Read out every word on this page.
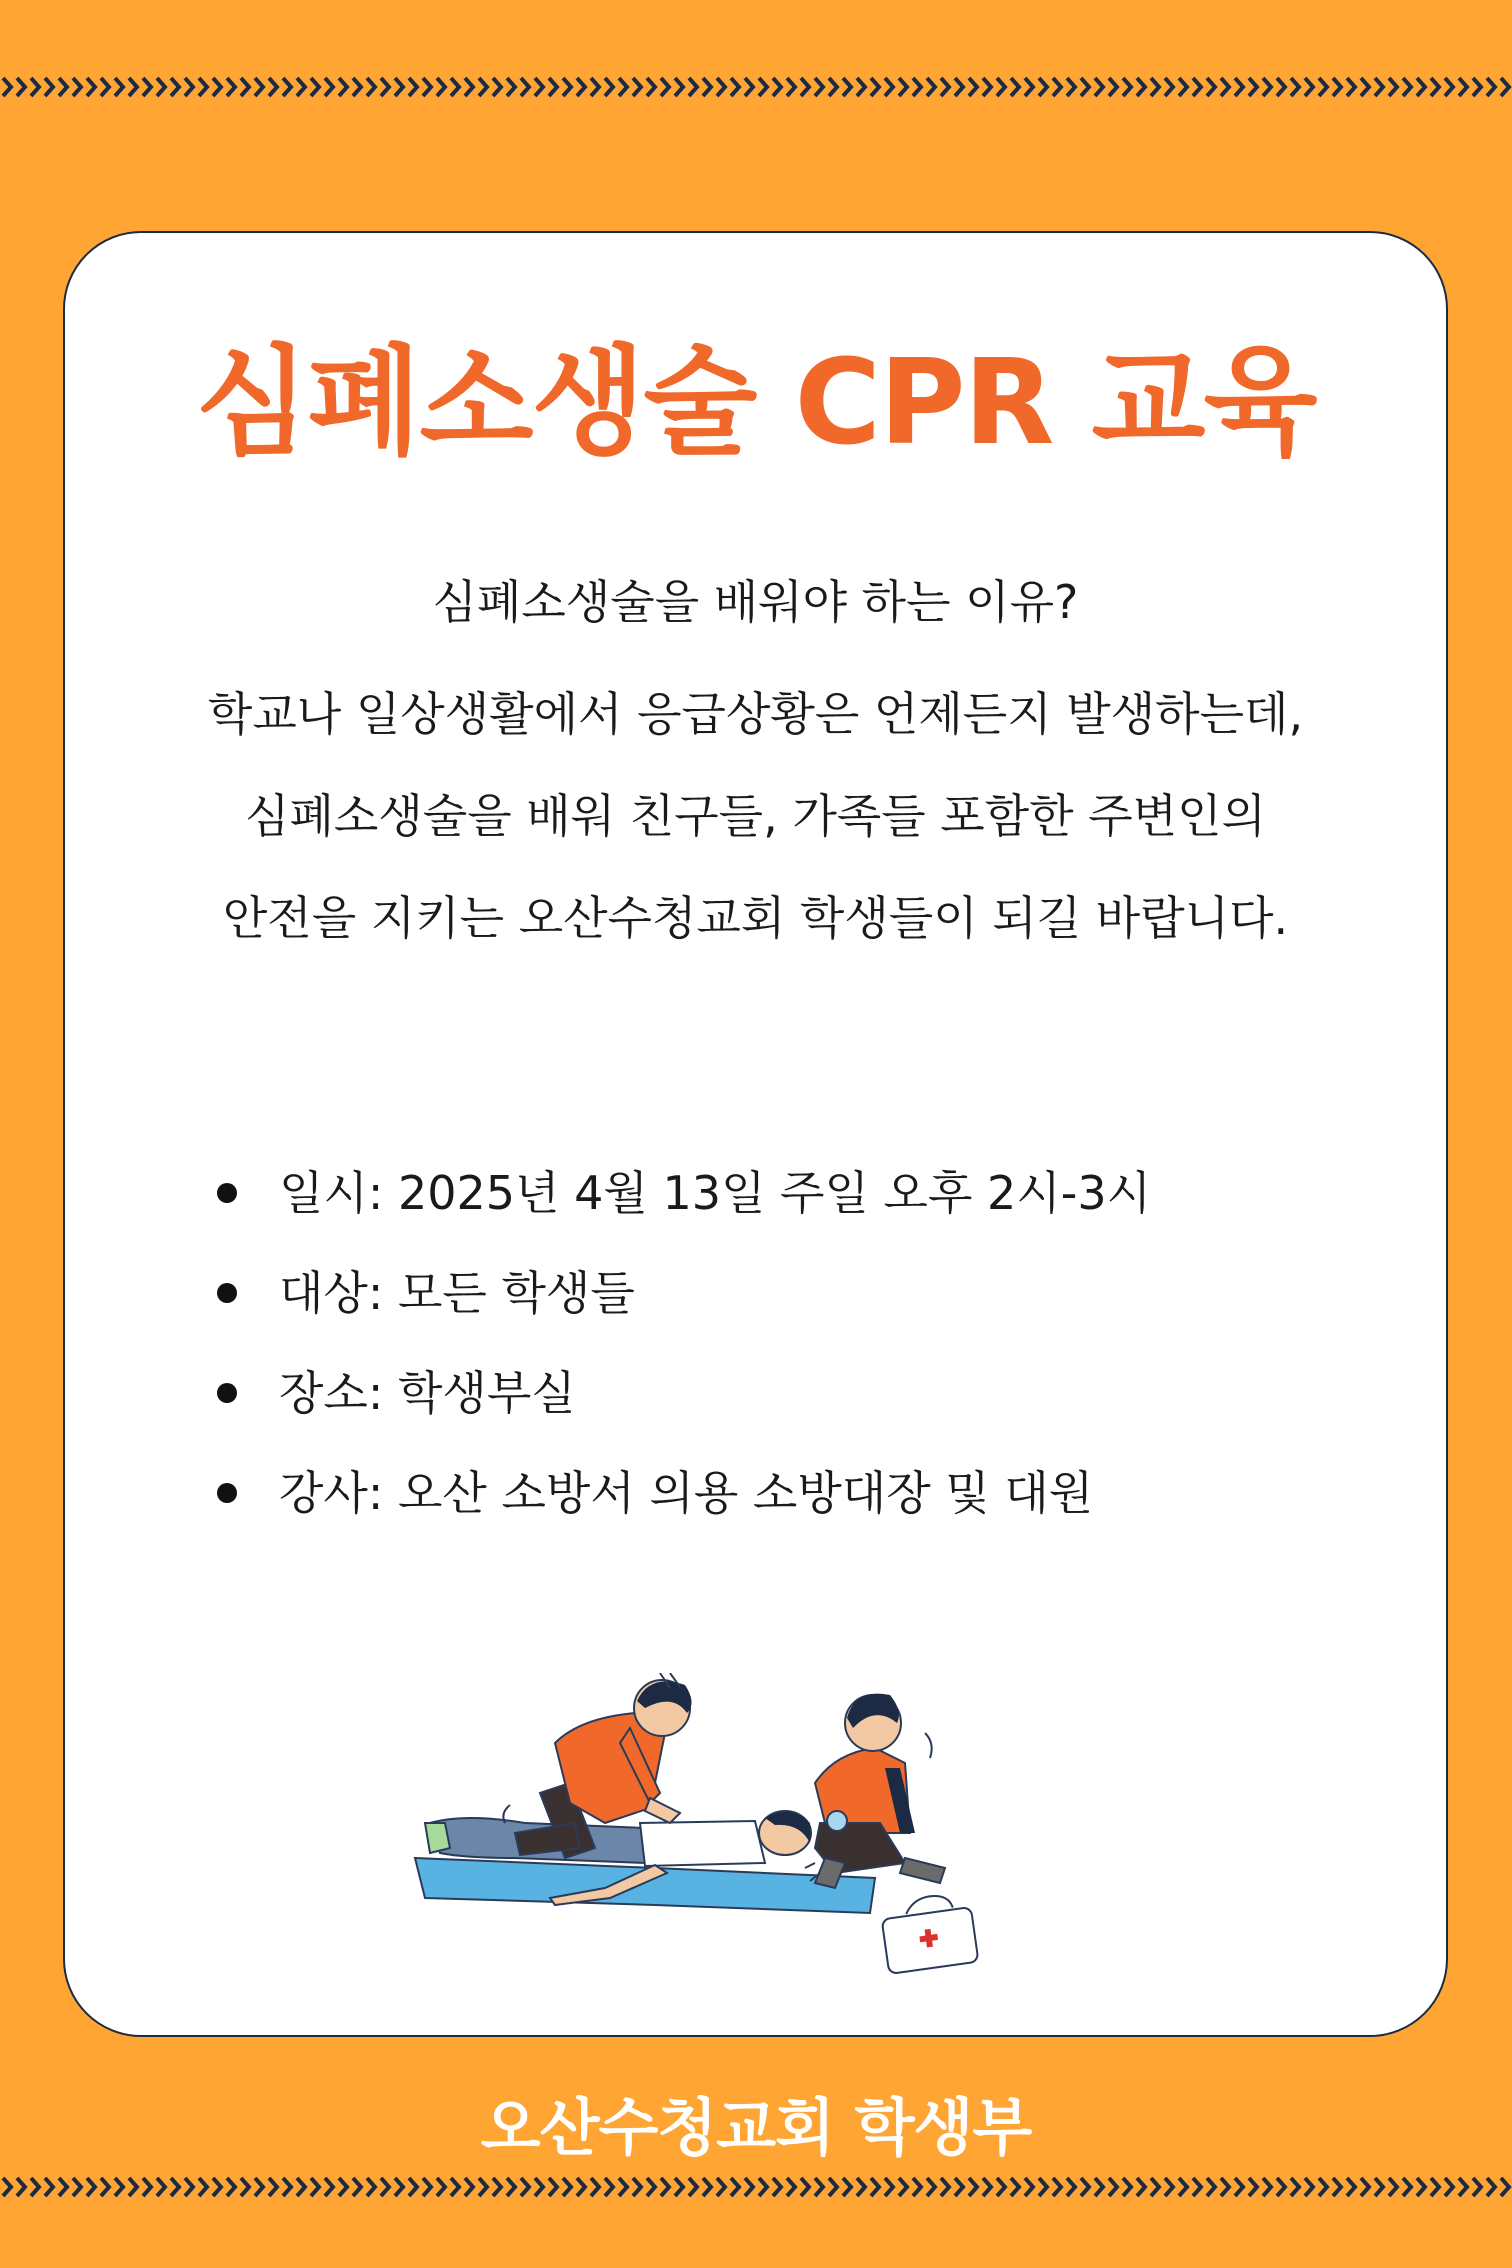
심폐소생술 CPR 교육
심폐소생술을 배워야 하는 이유?

학교나 일상생활에서 응급상황은 언제든지 발생하는데,
심폐소생술을 배워 친구들, 가족들 포함한 주변인의
안전을 지키는 오산수청교회 학생들이 되길 바랍니다.

일시: 2025년 4월 13일 주일 오후 2시-3시
대상: 모든 학생들
장소: 학생부실
강사: 오산 소방서 의용 소방대장 및 대원
오산수청교회 학생부
